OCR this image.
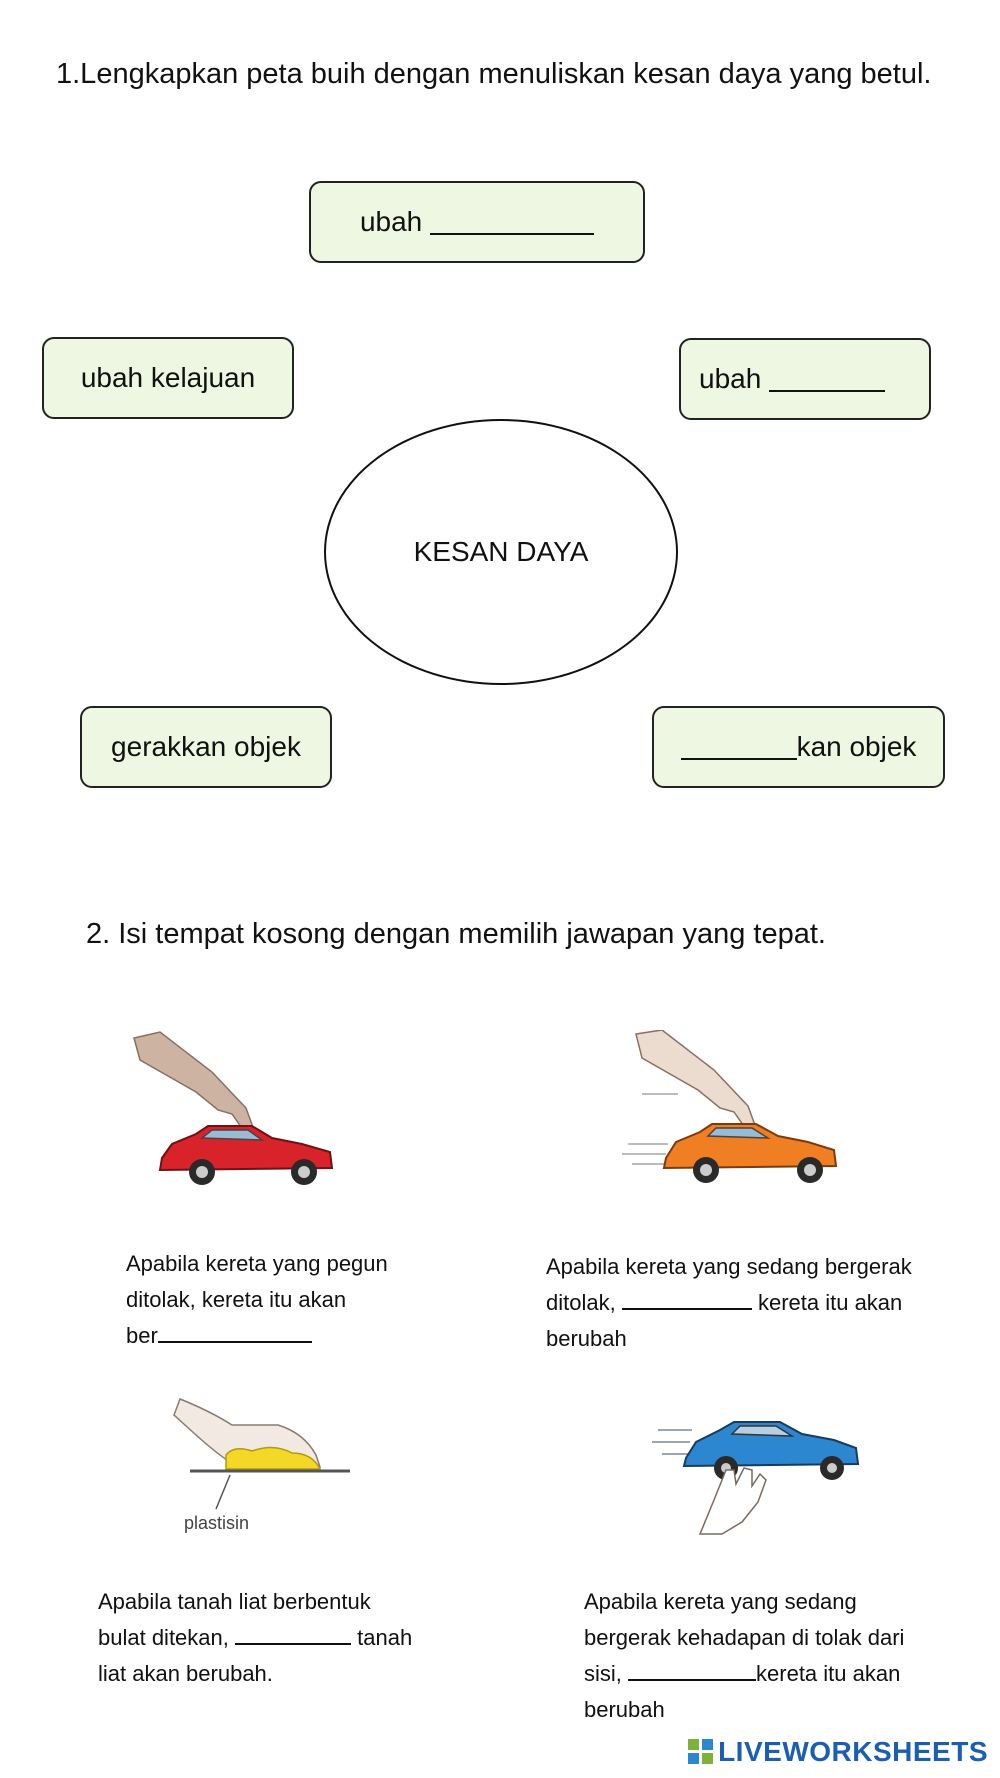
1.Lengkapkan peta buih dengan menuliskan kesan daya yang betul.
ubah

ubah kelajuan	ubah

KESAN DAYA
gerakkan objek	kan objek
2. Isi tempat kosong dengan memilih jawapan yang tepat.
Apabila kereta yang pegun
ditolak, kereta itu akan
ber
Apabila kereta yang sedang bergerak
ditolak,	kereta itu akan
berubah
plastisin
Apabila tanah liat berbentuk
bulat ditekan,	tanah
liat akan berubah.
Apabila kereta yang sedang
bergerak kehadapan di tolak dari
sisi,	kereta itu akan
berubah
LIVEWORKSHEETS
